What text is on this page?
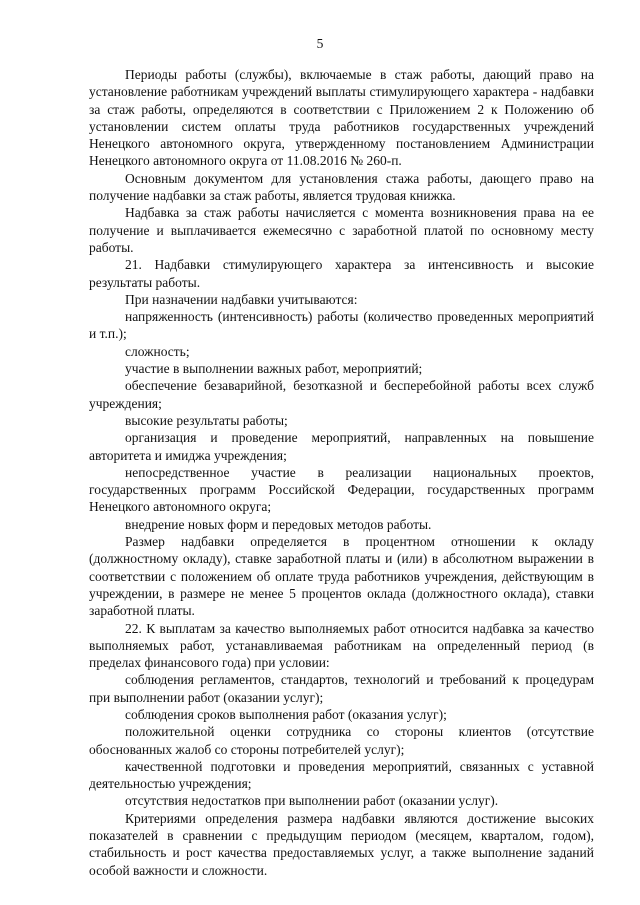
5

Периоды работы (службы), включаемые в стаж работы, дающий право на установление работникам учреждений выплаты стимулирующего характера - надбавки за стаж работы, определяются в соответствии с Приложением 2 к Положению об установлении систем оплаты труда работников государственных учреждений Ненецкого автономного округа, утвержденному постановлением Администрации Ненецкого автономного округа от 11.08.2016 № 260-п.

Основным документом для установления стажа работы, дающего право на получение надбавки за стаж работы, является трудовая книжка.

Надбавка за стаж работы начисляется с момента возникновения права на ее получение и выплачивается ежемесячно с заработной платой по основному месту работы.

21. Надбавки стимулирующего характера за интенсивность и высокие результаты работы.

При назначении надбавки учитываются:

напряженность (интенсивность) работы (количество проведенных мероприятий и т.п.);

сложность;

участие в выполнении важных работ, мероприятий;

обеспечение безаварийной, безотказной и бесперебойной работы всех служб учреждения;

высокие результаты работы;

организация и проведение мероприятий, направленных на повышение авторитета и имиджа учреждения;

непосредственное участие в реализации национальных проектов, государственных программ Российской Федерации, государственных программ Ненецкого автономного округа;

внедрение новых форм и передовых методов работы.

Размер надбавки определяется в процентном отношении к окладу (должностному окладу), ставке заработной платы и (или) в абсолютном выражении в соответствии с положением об оплате труда работников учреждения, действующим в учреждении, в размере не менее 5 процентов оклада (должностного оклада), ставки заработной платы.

22. К выплатам за качество выполняемых работ относится надбавка за качество выполняемых работ, устанавливаемая работникам на определенный период (в пределах финансового года) при условии:

соблюдения регламентов, стандартов, технологий и требований к процедурам при выполнении работ (оказании услуг);

соблюдения сроков выполнения работ (оказания услуг);

положительной оценки сотрудника со стороны клиентов (отсутствие обоснованных жалоб со стороны потребителей услуг);

качественной подготовки и проведения мероприятий, связанных с уставной деятельностью учреждения;

отсутствия недостатков при выполнении работ (оказании услуг).

Критериями определения размера надбавки являются достижение высоких показателей в сравнении с предыдущим периодом (месяцем, кварталом, годом), стабильность и рост качества предоставляемых услуг, а также выполнение заданий особой важности и сложности.
